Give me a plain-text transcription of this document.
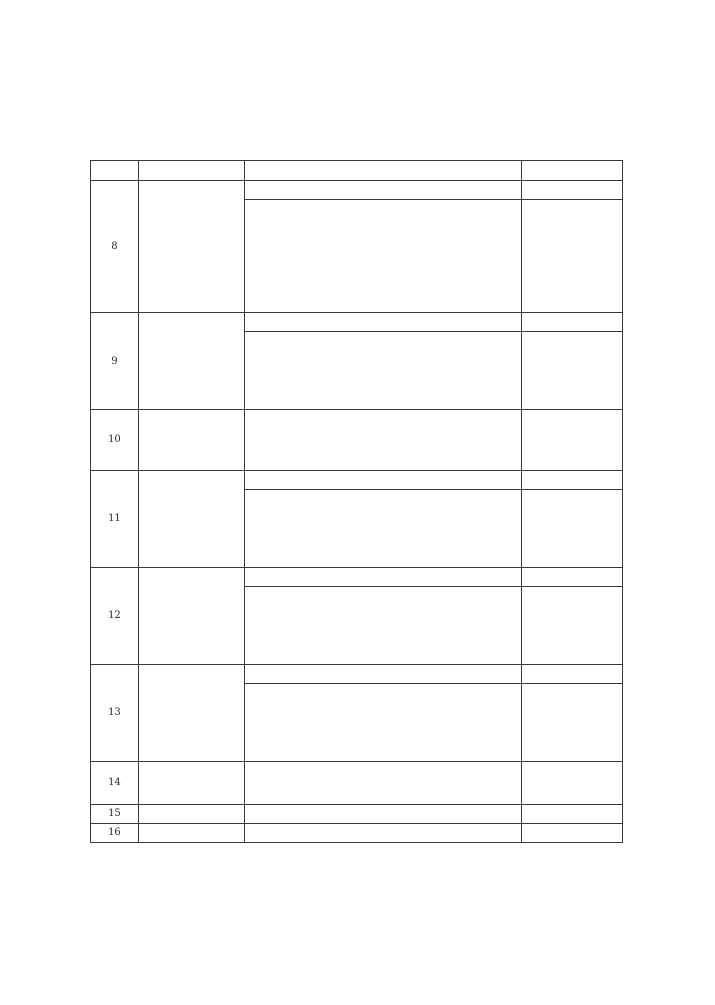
8		

9		

10		

11		

12		

13		

14		

15		

16		
